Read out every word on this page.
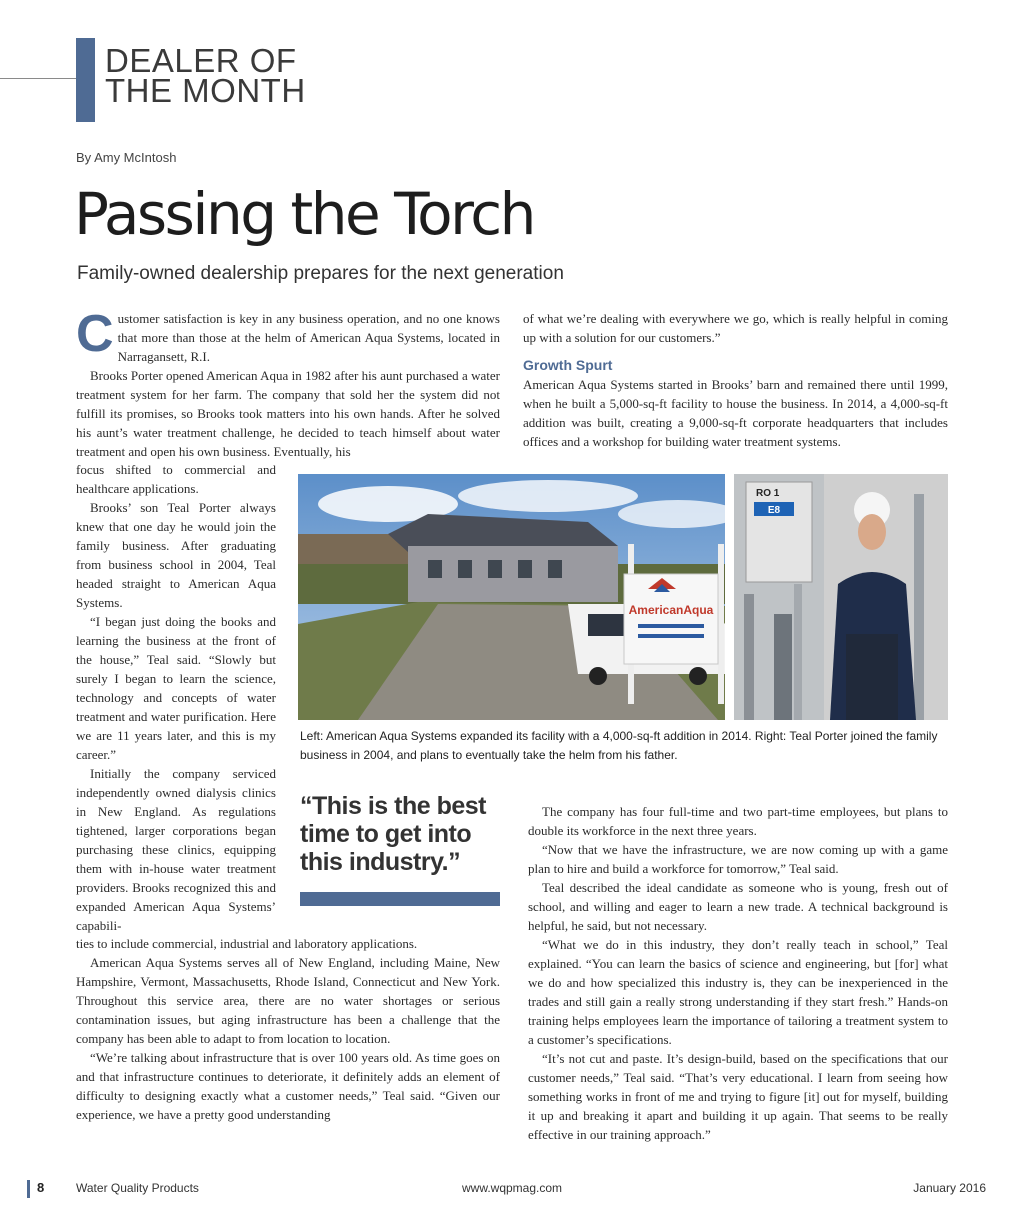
DEALER OF
THE MONTH
By Amy McIntosh
Passing the Torch
Family-owned dealership prepares for the next generation

Customer satisfaction is key in any business operation, and no one knows that more than those at the helm of American Aqua Systems, located in Narragansett, R.I.

Brooks Porter opened American Aqua in 1982 after his aunt purchased a water treatment system for her farm. The company that sold her the system did not fulfill its promises, so Brooks took matters into his own hands. After he solved his aunt’s water treatment challenge, he decided to teach himself about water treatment and open his own business. Eventually, his

focus shifted to commercial and healthcare applications.

Brooks’ son Teal Porter always knew that one day he would join the family business. After graduating from business school in 2004, Teal headed straight to American Aqua Systems.

“I began just doing the books and learning the business at the front of the house,” Teal said. “Slowly but surely I began to learn the science, technology and concepts of water treatment and water purification. Here we are 11 years later, and this is my career.”

Initially the company serviced independently owned dialysis clinics in New England. As regulations tightened, larger corporations began purchasing these clinics, equipping them with in-house water treatment providers. Brooks recognized this and expanded American Aqua Systems’ capabili-

ties to include commercial, industrial and laboratory applications.

American Aqua Systems serves all of New England, including Maine, New Hampshire, Vermont, Massachusetts, Rhode Island, Connecticut and New York. Throughout this service area, there are no water shortages or serious contamination issues, but aging infrastructure has been a challenge that the company has been able to adapt to from location to location.

“We’re talking about infrastructure that is over 100 years old. As time goes on and that infrastructure continues to deteriorate, it definitely adds an element of difficulty to designing exactly what a customer needs,” Teal said. “Given our experience, we have a pretty good understanding

of what we’re dealing with everywhere we go, which is really helpful in coming up with a solution for our customers.”

Growth Spurt

American Aqua Systems started in Brooks’ barn and remained there until 1999, when he built a 5,000-sq-ft facility to house the business. In 2014, a 4,000-sq-ft addition was built, creating a 9,000-sq-ft corporate headquarters that includes offices and a workshop for building water treatment systems.

AmericanAqua
RO 1
E8
Left: American Aqua Systems expanded its facility with a 4,000-sq-ft addition in 2014. Right: Teal Porter joined the family business in 2004, and plans to eventually take the helm from his father.
“This is the best time to get into this industry.”

The company has four full-time and two part-time employees, but plans to double its workforce in the next three years.

“Now that we have the infrastructure, we are now coming up with a game plan to hire and build a workforce for tomorrow,” Teal said.

Teal described the ideal candidate as someone who is young, fresh out of school, and willing and eager to learn a new trade. A technical background is helpful, he said, but not necessary.

“What we do in this industry, they don’t really teach in school,” Teal explained. “You can learn the basics of science and engineering, but [for] what we do and how specialized this industry is, they can be inexperienced in the trades and still gain a really strong understanding if they start fresh.” Hands-on training helps employees learn the importance of tailoring a treatment system to a customer’s specifications.

“It’s not cut and paste. It’s design-build, based on the specifications that our customer needs,” Teal said. “That’s very educational. I learn from seeing how something works in front of me and trying to figure [it] out for myself, building it up and breaking it apart and building it up again. That seems to be really effective in our training approach.”

8	Water Quality Products	www.wqpmag.com	January 2016
